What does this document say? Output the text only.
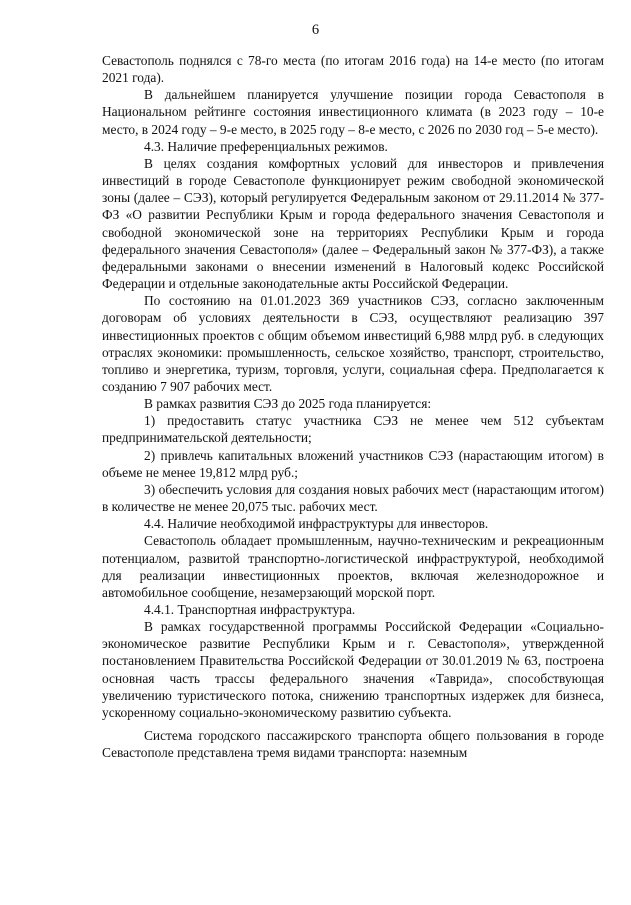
6

Севастополь поднялся с 78-го места (по итогам 2016 года) на 14-е место (по итогам 2021 года).

В дальнейшем планируется улучшение позиции города Севастополя в Национальном рейтинге состояния инвестиционного климата (в 2023 году – 10-е место, в 2024 году – 9-е место, в 2025 году – 8-е место, с 2026 по 2030 год – 5-е место).

4.3. Наличие преференциальных режимов.

В целях создания комфортных условий для инвесторов и привлечения инвестиций в городе Севастополе функционирует режим свободной экономической зоны (далее – СЭЗ), который регулируется Федеральным законом от 29.11.2014 № 377-ФЗ «О развитии Республики Крым и города федерального значения Севастополя и свободной экономической зоне на территориях Республики Крым и города федерального значения Севастополя» (далее – Федеральный закон № 377-ФЗ), а также федеральными законами о внесении изменений в Налоговый кодекс Российской Федерации и отдельные законодательные акты Российской Федерации.

По состоянию на 01.01.2023 369 участников СЭЗ, согласно заключенным договорам об условиях деятельности в СЭЗ, осуществляют реализацию 397 инвестиционных проектов с общим объемом инвестиций 6,988 млрд руб. в следующих отраслях экономики: промышленность, сельское хозяйство, транспорт, строительство, топливо и энергетика, туризм, торговля, услуги, социальная сфера. Предполагается к созданию 7 907 рабочих мест.

В рамках развития СЭЗ до 2025 года планируется:

1) предоставить статус участника СЭЗ не менее чем 512 субъектам предпринимательской деятельности;

2) привлечь капитальных вложений участников СЭЗ (нарастающим итогом) в объеме не менее 19,812 млрд руб.;

3) обеспечить условия для создания новых рабочих мест (нарастающим итогом) в количестве не менее 20,075 тыс. рабочих мест.

4.4. Наличие необходимой инфраструктуры для инвесторов.

Севастополь обладает промышленным, научно-техническим и рекреационным потенциалом, развитой транспортно-логистической инфраструктурой, необходимой для реализации инвестиционных проектов, включая железнодорожное и автомобильное сообщение, незамерзающий морской порт.

4.4.1. Транспортная инфраструктура.

В рамках государственной программы Российской Федерации «Социально-экономическое развитие Республики Крым и г. Севастополя», утвержденной постановлением Правительства Российской Федерации от 30.01.2019 № 63, построена основная часть трассы федерального значения «Таврида», способствующая увеличению туристического потока, снижению транспортных издержек для бизнеса, ускоренному социально-экономическому развитию субъекта.

Система городского пассажирского транспорта общего пользования в городе Севастополе представлена тремя видами транспорта: наземным
